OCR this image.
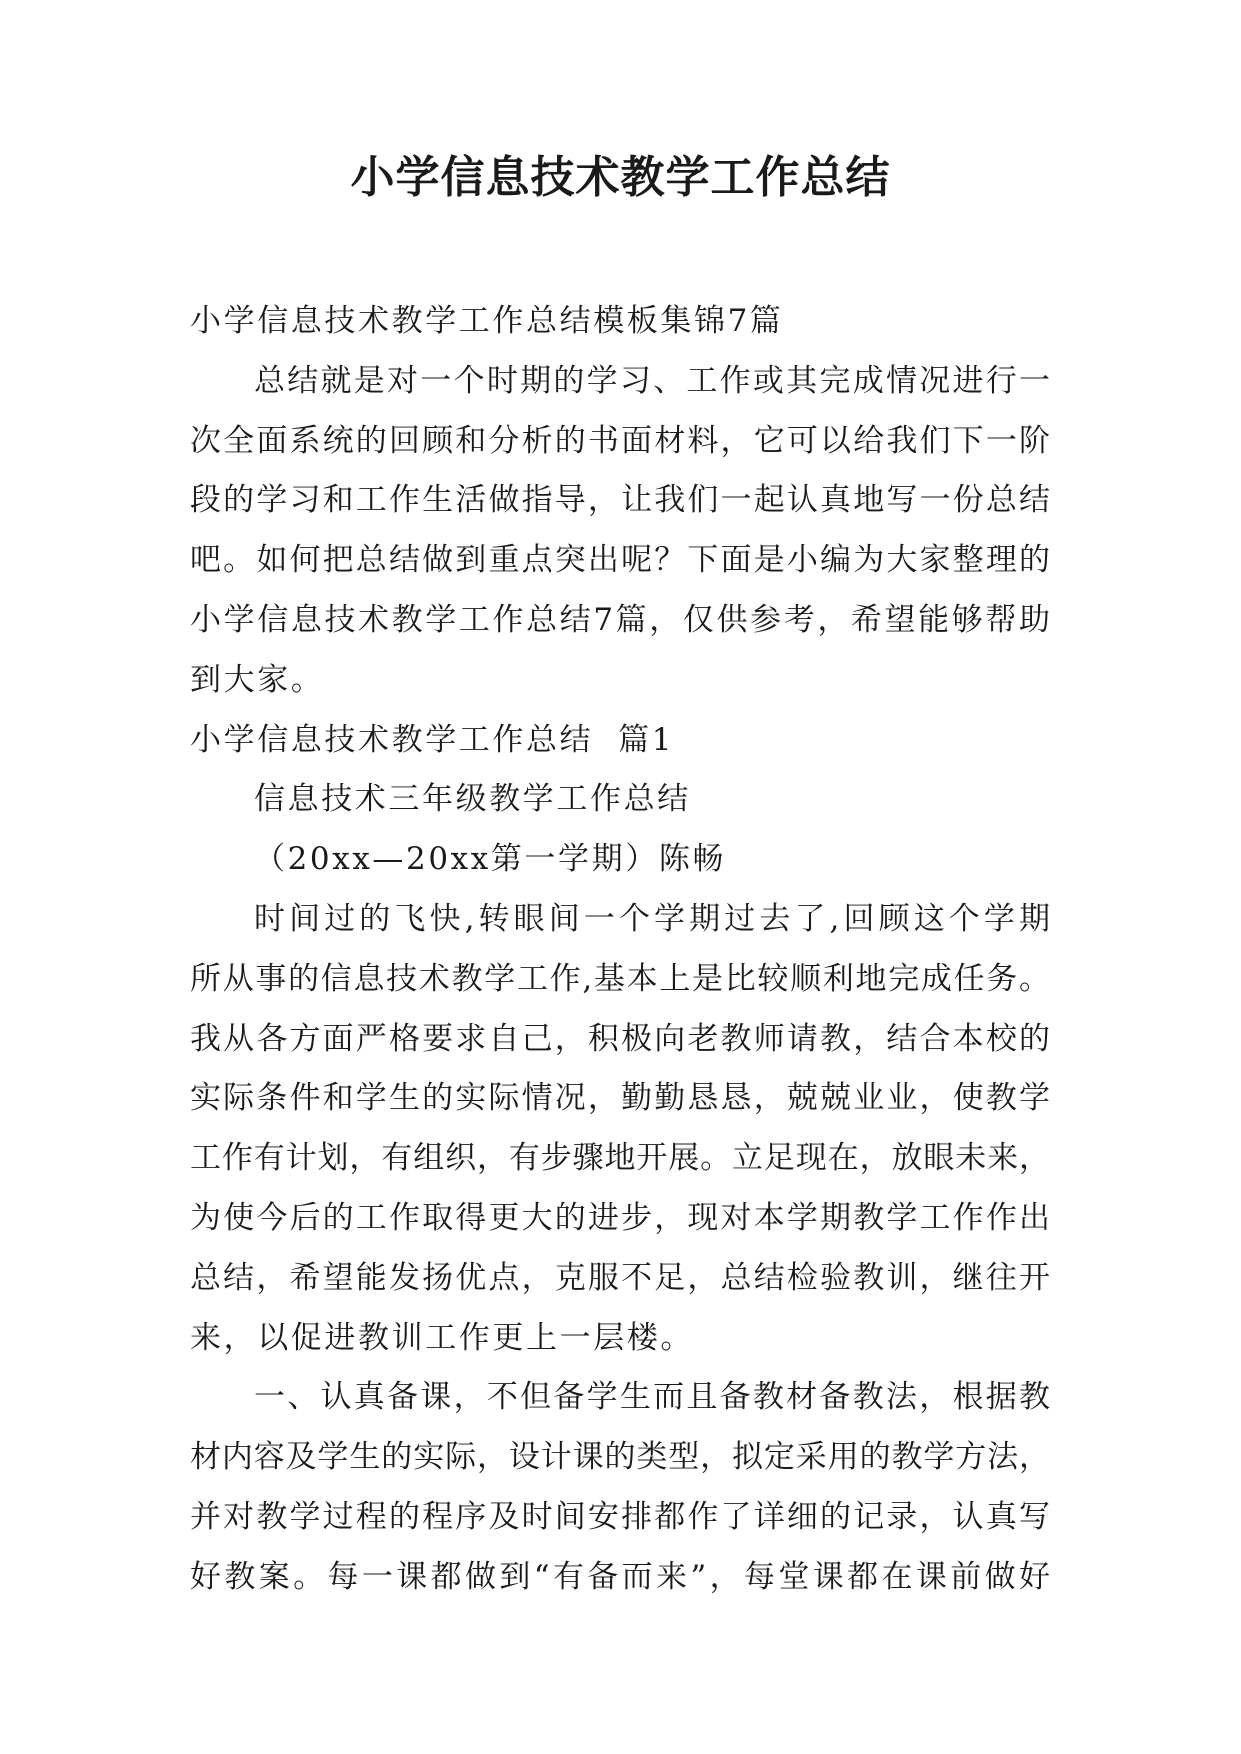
小学信息技术教学工作总结

小学信息技术教学工作总结模板集锦7篇

总结就是对一个时期的学习、工作或其完成情况进行一

次全面系统的回顾和分析的书面材料，它可以给我们下一阶

段的学习和工作生活做指导，让我们一起认真地写一份总结

吧。如何把总结做到重点突出呢？下面是小编为大家整理的

小学信息技术教学工作总结7篇，仅供参考，希望能够帮助

到大家。

小学信息技术教学工作总结  篇1

信息技术三年级教学工作总结

（20xx—20xx第一学期）陈畅

时间过的飞快,转眼间一个学期过去了,回顾这个学期

所从事的信息技术教学工作,基本上是比较顺利地完成任务。

我从各方面严格要求自己，积极向老教师请教，结合本校的

实际条件和学生的实际情况，勤勤恳恳，兢兢业业，使教学

工作有计划，有组织，有步骤地开展。立足现在，放眼未来，

为使今后的工作取得更大的进步，现对本学期教学工作作出

总结，希望能发扬优点，克服不足，总结检验教训，继往开

来，以促进教训工作更上一层楼。

一、认真备课，不但备学生而且备教材备教法，根据教

材内容及学生的实际，设计课的类型，拟定采用的教学方法，

并对教学过程的程序及时间安排都作了详细的记录，认真写

好教案。每一课都做到“有备而来”，每堂课都在课前做好
